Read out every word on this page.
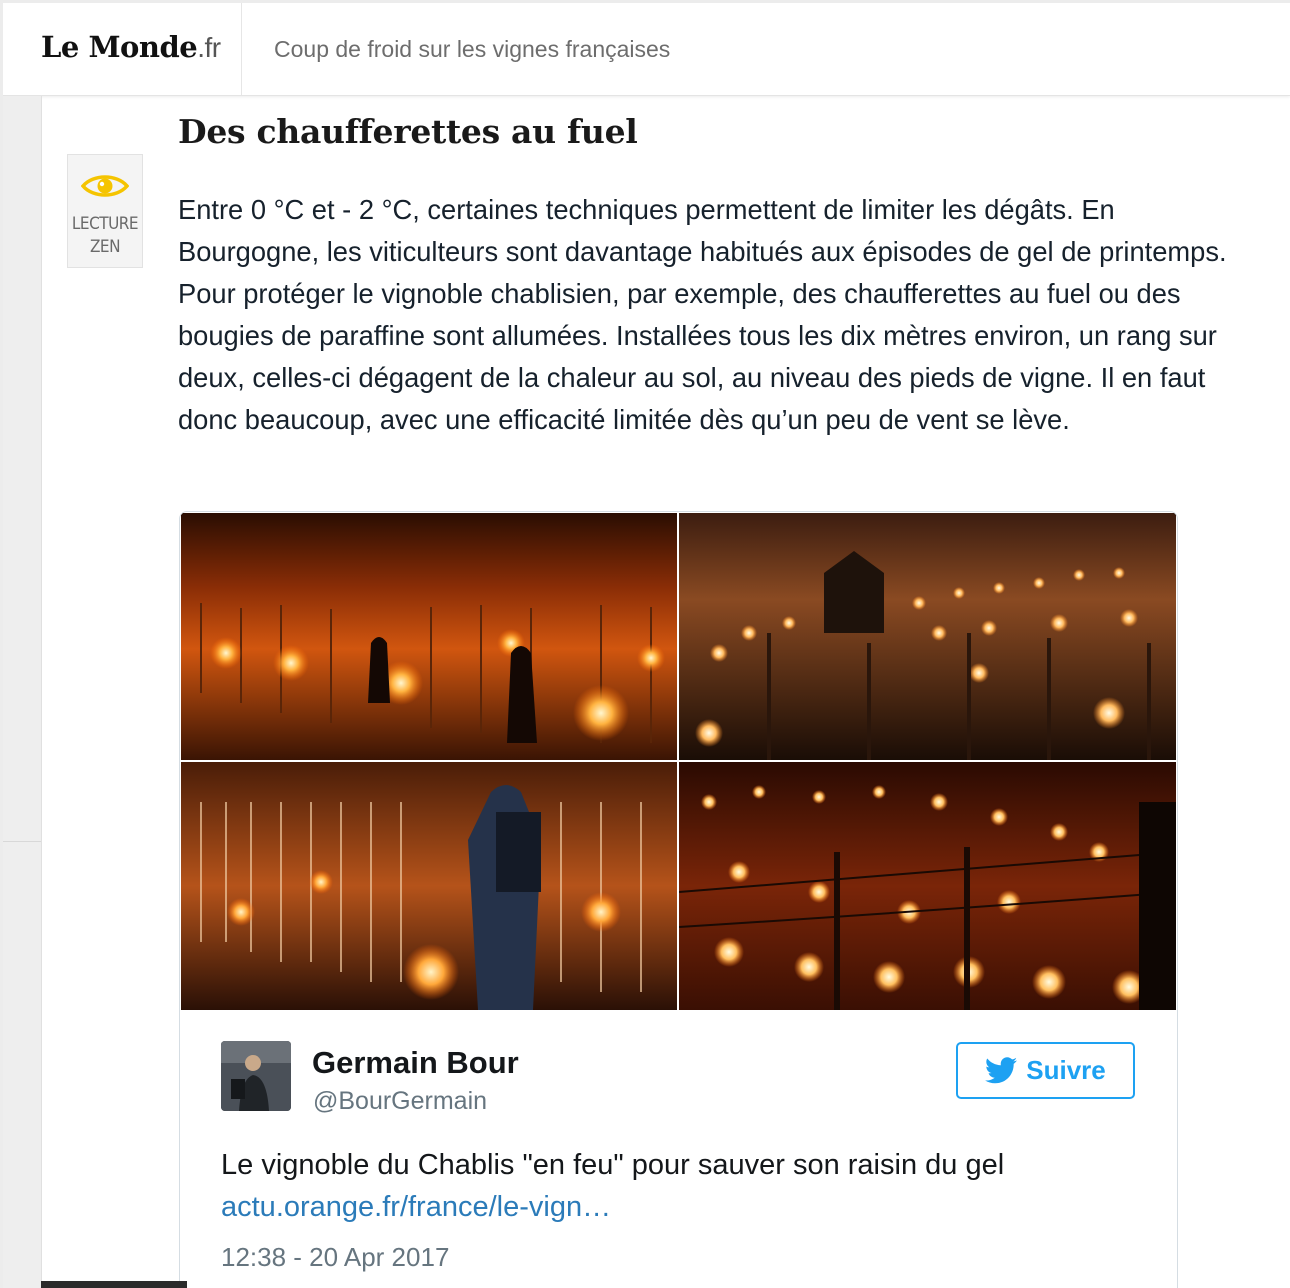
Le Monde.fr Coup de froid sur les vignes françaises
LECTURE
ZEN
Des chaufferettes au fuel

Entre 0 °C et - 2 °C, certaines techniques permettent de limiter les dégâts. En Bourgogne, les viticulteurs sont davantage habitués aux épisodes de gel de printemps. Pour protéger le vignoble chablisien, par exemple, des chaufferettes au fuel ou des bougies de paraffine sont allumées. Installées tous les dix mètres environ, un rang sur deux, celles-ci dégagent de la chaleur au sol, au niveau des pieds de vigne. Il en faut donc beaucoup, avec une efficacité limitée dès qu’un peu de vent se lève.

Germain Bour
@BourGermain
Suivre
Le vignoble du Chablis "en feu" pour sauver son raisin du gel
actu.orange.fr/france/le-vign…
12:38 - 20 Apr 2017
